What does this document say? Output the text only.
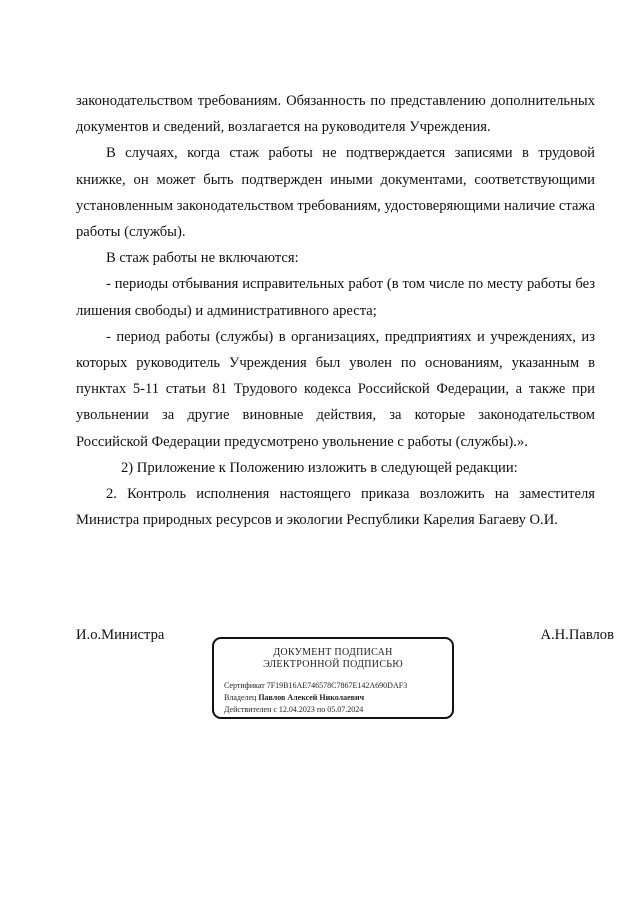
законодательством требованиям. Обязанность по представлению дополнительных документов и сведений, возлагается на руководителя Учреждения.

В случаях, когда стаж работы не подтверждается записями в трудовой книжке, он может быть подтвержден иными документами, соответствующими установленным законодательством требованиям, удостоверяющими наличие стажа работы (службы).

В стаж работы не включаются:

- периоды отбывания исправительных работ (в том числе по месту работы без лишения свободы) и административного ареста;

- период работы (службы) в организациях, предприятиях и учреждениях, из которых руководитель Учреждения был уволен по основаниям, указанным в пунктах 5-11 статьи 81 Трудового кодекса Российской Федерации, а также при увольнении за другие виновные действия, за которые законодательством Российской Федерации предусмотрено увольнение с работы (службы).».

2) Приложение к Положению изложить в следующей редакции:

2. Контроль исполнения настоящего приказа возложить на заместителя Министра природных ресурсов и экологии Республики Карелия Багаеву О.И.

И.о.Министра	А.Н.Павлов
ДОКУМЕНТ ПОДПИСАН
ЭЛЕКТРОННОЙ ПОДПИСЬЮ
Сертификат 7F19B16AE746578C7867E142A690DAF3
Владелец Павлов Алексей Николаевич
Действителен с 12.04.2023 по 05.07.2024
